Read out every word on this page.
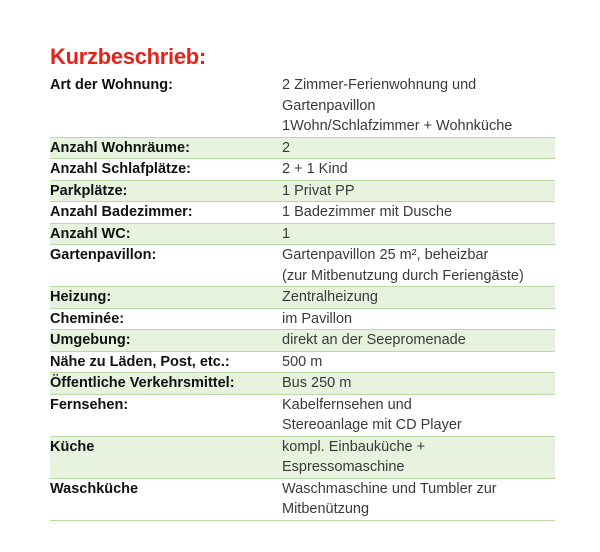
Kurzbeschrieb:
Art der Wohnung:	2 Zimmer-Ferienwohnung und
Gartenpavillon
1Wohn/Schlafzimmer + Wohnküche
Anzahl Wohnräume:	2
Anzahl Schlafplätze:	2 + 1 Kind
Parkplätze:	1 Privat PP
Anzahl Badezimmer:	1 Badezimmer mit Dusche
Anzahl WC:	1
Gartenpavillon:	Gartenpavillon 25 m², beheizbar
(zur Mitbenutzung durch Feriengäste)
Heizung:	Zentralheizung
Cheminée:	im Pavillon
Umgebung:	direkt an der Seepromenade
Nähe zu Läden, Post, etc.:	500 m
Öffentliche Verkehrsmittel:	Bus 250 m
Fernsehen:	Kabelfernsehen und
Stereoanlage mit CD Player
Küche	kompl. Einbauküche +
Espressomaschine
Waschküche	Waschmaschine und Tumbler zur
Mitbenützung
